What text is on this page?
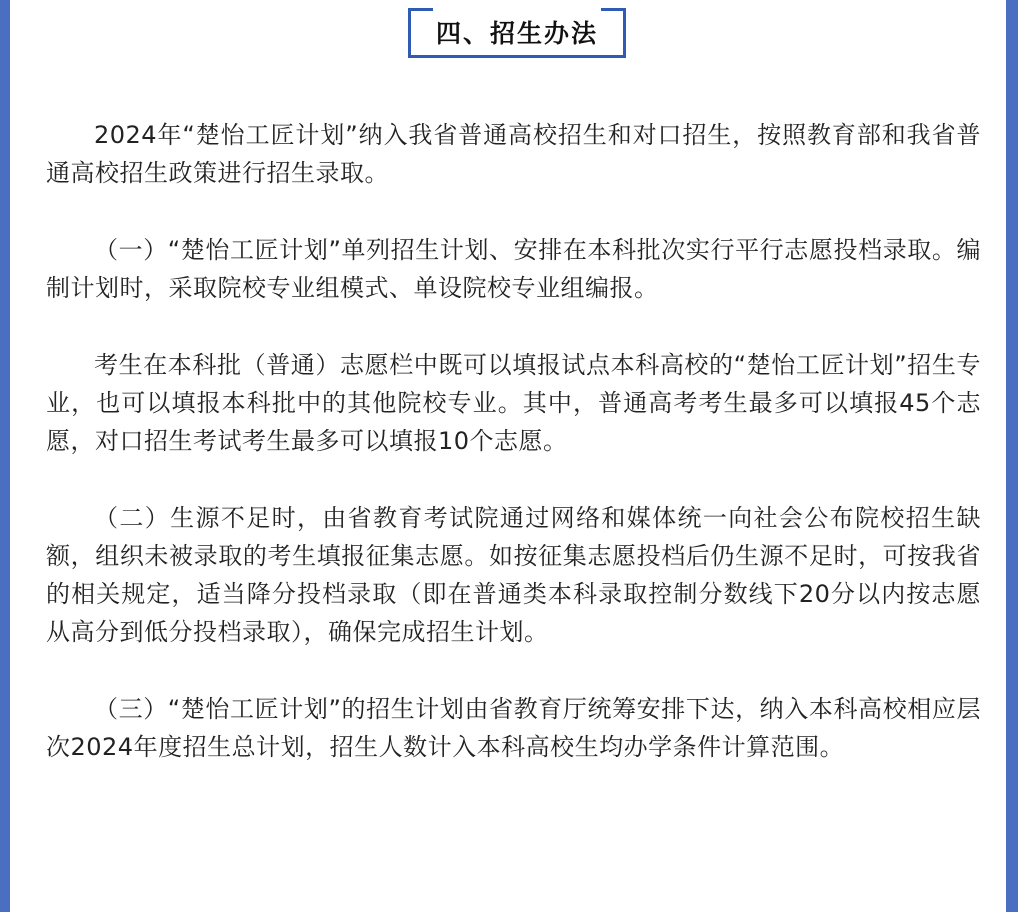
四、招生办法

2024年“楚怡工匠计划”纳入我省普通高校招生和对口招生，按照教育部和我省普通高校招生政策进行招生录取。

（一）“楚怡工匠计划”单列招生计划、安排在本科批次实行平行志愿投档录取。编制计划时，采取院校专业组模式、单设院校专业组编报。

考生在本科批（普通）志愿栏中既可以填报试点本科高校的“楚怡工匠计划”招生专业，也可以填报本科批中的其他院校专业。其中，普通高考考生最多可以填报45个志愿，对口招生考试考生最多可以填报10个志愿。

（二）生源不足时，由省教育考试院通过网络和媒体统一向社会公布院校招生缺额，组织未被录取的考生填报征集志愿。如按征集志愿投档后仍生源不足时，可按我省的相关规定，适当降分投档录取（即在普通类本科录取控制分数线下20分以内按志愿从高分到低分投档录取），确保完成招生计划。

（三）“楚怡工匠计划”的招生计划由省教育厅统筹安排下达，纳入本科高校相应层次2024年度招生总计划，招生人数计入本科高校生均办学条件计算范围。
